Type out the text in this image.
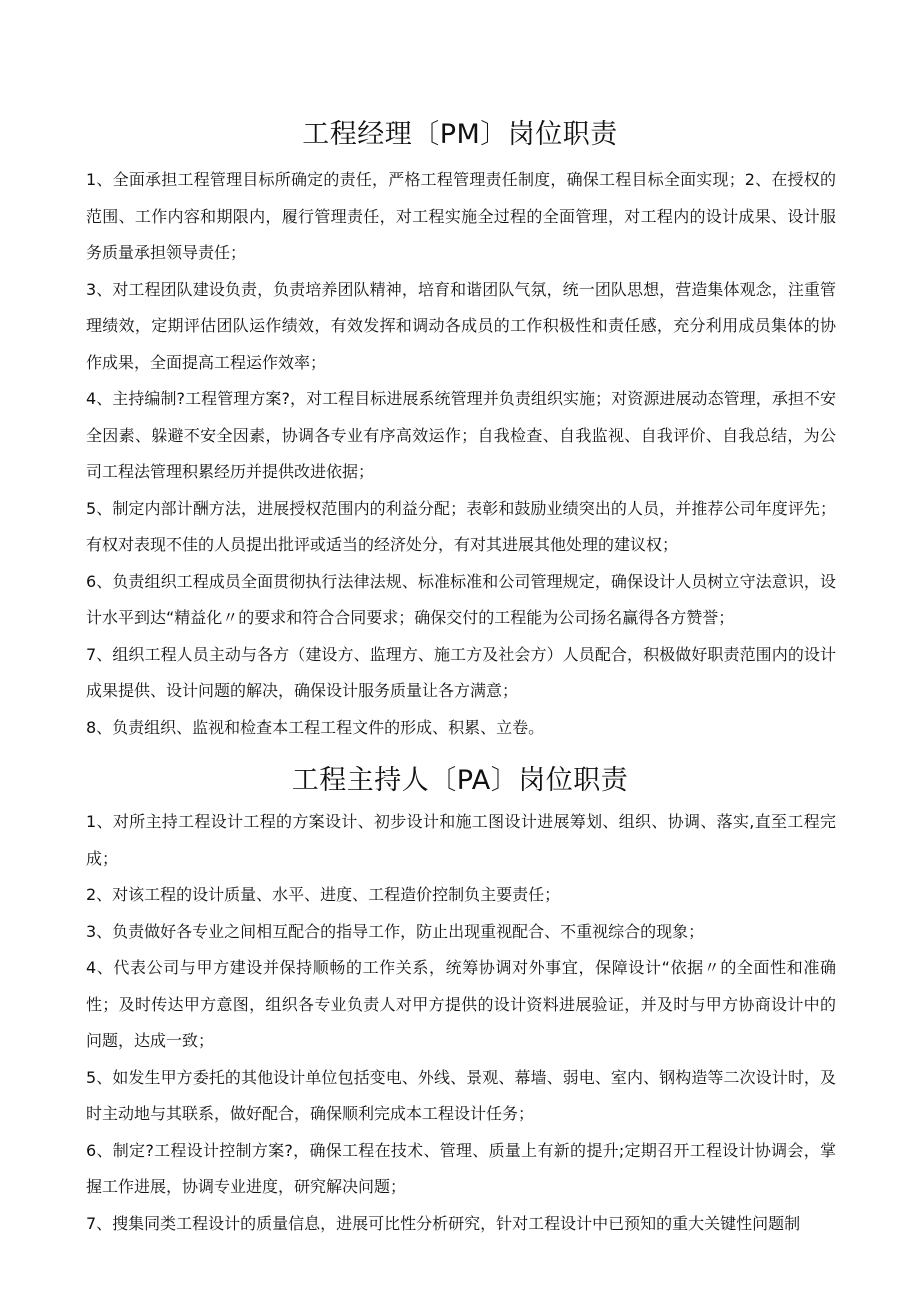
工程经理〔PM〕岗位职责

1、全面承担工程管理目标所确定的责任，严格工程管理责任制度，确保工程目标全面实现；2、在授权的范围、工作内容和期限内，履行管理责任，对工程实施全过程的全面管理，对工程内的设计成果、设计服务质量承担领导责任；

3、对工程团队建设负责，负责培养团队精神，培育和谐团队气氛，统一团队思想，营造集体观念，注重管理绩效，定期评估团队运作绩效，有效发挥和调动各成员的工作积极性和责任感，充分利用成员集体的协作成果，全面提高工程运作效率；

4、主持编制?工程管理方案?，对工程目标进展系统管理并负责组织实施；对资源进展动态管理，承担不安全因素、躲避不安全因素，协调各专业有序高效运作；自我检查、自我监视、自我评价、自我总结，为公司工程法管理积累经历并提供改进依据；

5、制定内部计酬方法，进展授权范围内的利益分配；表彰和鼓励业绩突出的人员，并推荐公司年度评先；有权对表现不佳的人员提出批评或适当的经济处分，有对其进展其他处理的建议权；

6、负责组织工程成员全面贯彻执行法律法规、标准标准和公司管理规定，确保设计人员树立守法意识，设计水平到达“精益化〃的要求和符合合同要求；确保交付的工程能为公司扬名赢得各方赞誉；

7、组织工程人员主动与各方（建设方、监理方、施工方及社会方）人员配合，积极做好职责范围内的设计成果提供、设计问题的解决，确保设计服务质量让各方满意；

8、负责组织、监视和检查本工程工程文件的形成、积累、立卷。

工程主持人〔PA〕岗位职责

1、对所主持工程设计工程的方案设计、初步设计和施工图设计进展筹划、组织、协调、落实,直至工程完成；

2、对该工程的设计质量、水平、进度、工程造价控制负主要责任；

3、负责做好各专业之间相互配合的指导工作，防止出现重视配合、不重视综合的现象；

4、代表公司与甲方建设并保持顺畅的工作关系，统筹协调对外事宜，保障设计“依据〃的全面性和准确性；及时传达甲方意图，组织各专业负责人对甲方提供的设计资料进展验证，并及时与甲方协商设计中的问题，达成一致；

5、如发生甲方委托的其他设计单位包括变电、外线、景观、幕墙、弱电、室内、钢构造等二次设计时，及时主动地与其联系，做好配合，确保顺利完成本工程设计任务；

6、制定?工程设计控制方案?，确保工程在技术、管理、质量上有新的提升;定期召开工程设计协调会，掌握工作进展，协调专业进度，研究解决问题；

7、搜集同类工程设计的质量信息，进展可比性分析研究，针对工程设计中已预知的重大关键性问题制
